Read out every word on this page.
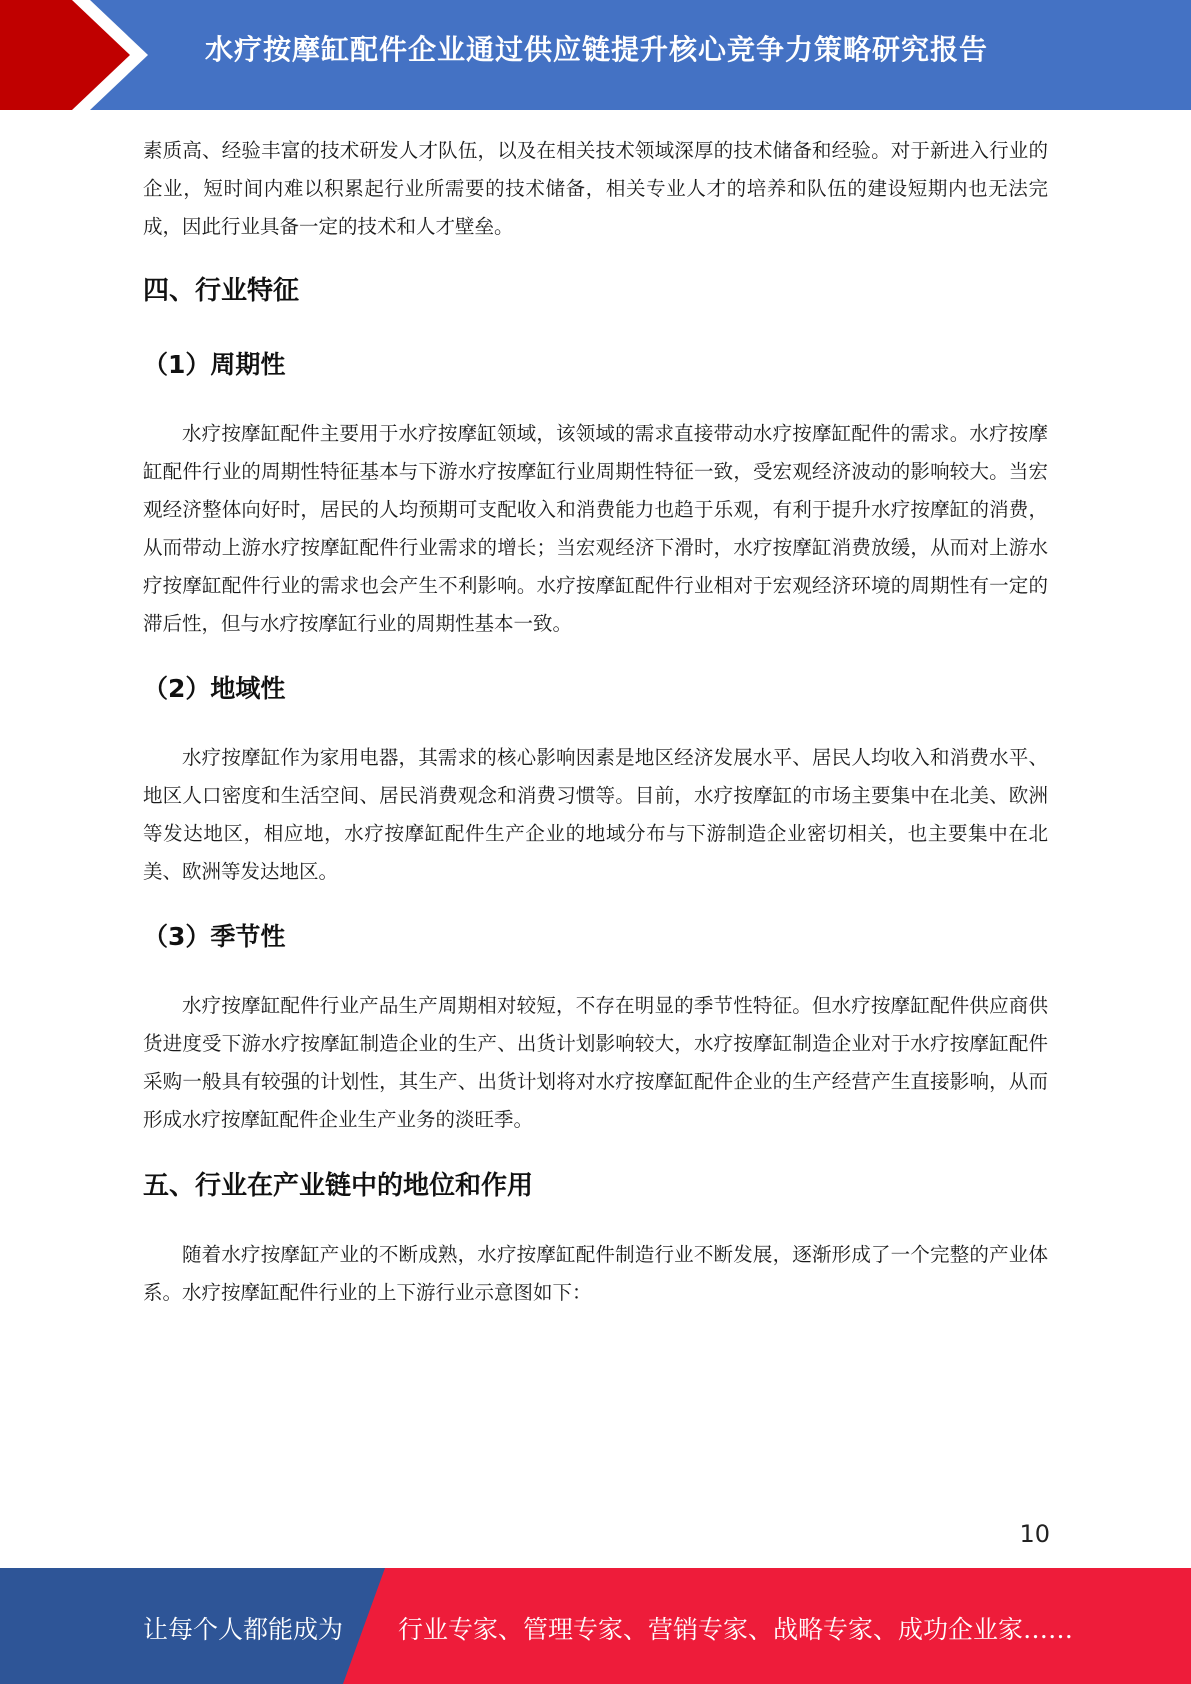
水疗按摩缸配件企业通过供应链提升核心竞争力策略研究报告

素质高、经验丰富的技术研发人才队伍，以及在相关技术领域深厚的技术储备和经验。对于新进入行业的企业，短时间内难以积累起行业所需要的技术储备，相关专业人才的培养和队伍的建设短期内也无法完成，因此行业具备一定的技术和人才壁垒。

四、行业特征
（1）周期性

水疗按摩缸配件主要用于水疗按摩缸领域，该领域的需求直接带动水疗按摩缸配件的需求。水疗按摩缸配件行业的周期性特征基本与下游水疗按摩缸行业周期性特征一致，受宏观经济波动的影响较大。当宏观经济整体向好时，居民的人均预期可支配收入和消费能力也趋于乐观，有利于提升水疗按摩缸的消费，从而带动上游水疗按摩缸配件行业需求的增长；当宏观经济下滑时，水疗按摩缸消费放缓，从而对上游水疗按摩缸配件行业的需求也会产生不利影响。水疗按摩缸配件行业相对于宏观经济环境的周期性有一定的滞后性，但与水疗按摩缸行业的周期性基本一致。

（2）地域性

水疗按摩缸作为家用电器，其需求的核心影响因素是地区经济发展水平、居民人均收入和消费水平、地区人口密度和生活空间、居民消费观念和消费习惯等。目前，水疗按摩缸的市场主要集中在北美、欧洲等发达地区，相应地，水疗按摩缸配件生产企业的地域分布与下游制造企业密切相关，也主要集中在北美、欧洲等发达地区。

（3）季节性

水疗按摩缸配件行业产品生产周期相对较短，不存在明显的季节性特征。但水疗按摩缸配件供应商供货进度受下游水疗按摩缸制造企业的生产、出货计划影响较大，水疗按摩缸制造企业对于水疗按摩缸配件采购一般具有较强的计划性，其生产、出货计划将对水疗按摩缸配件企业的生产经营产生直接影响，从而形成水疗按摩缸配件企业生产业务的淡旺季。

五、行业在产业链中的地位和作用

随着水疗按摩缸产业的不断成熟，水疗按摩缸配件制造行业不断发展，逐渐形成了一个完整的产业体系。水疗按摩缸配件行业的上下游行业示意图如下：

10
让每个人都能成为 行业专家、管理专家、营销专家、战略专家、成功企业家……
